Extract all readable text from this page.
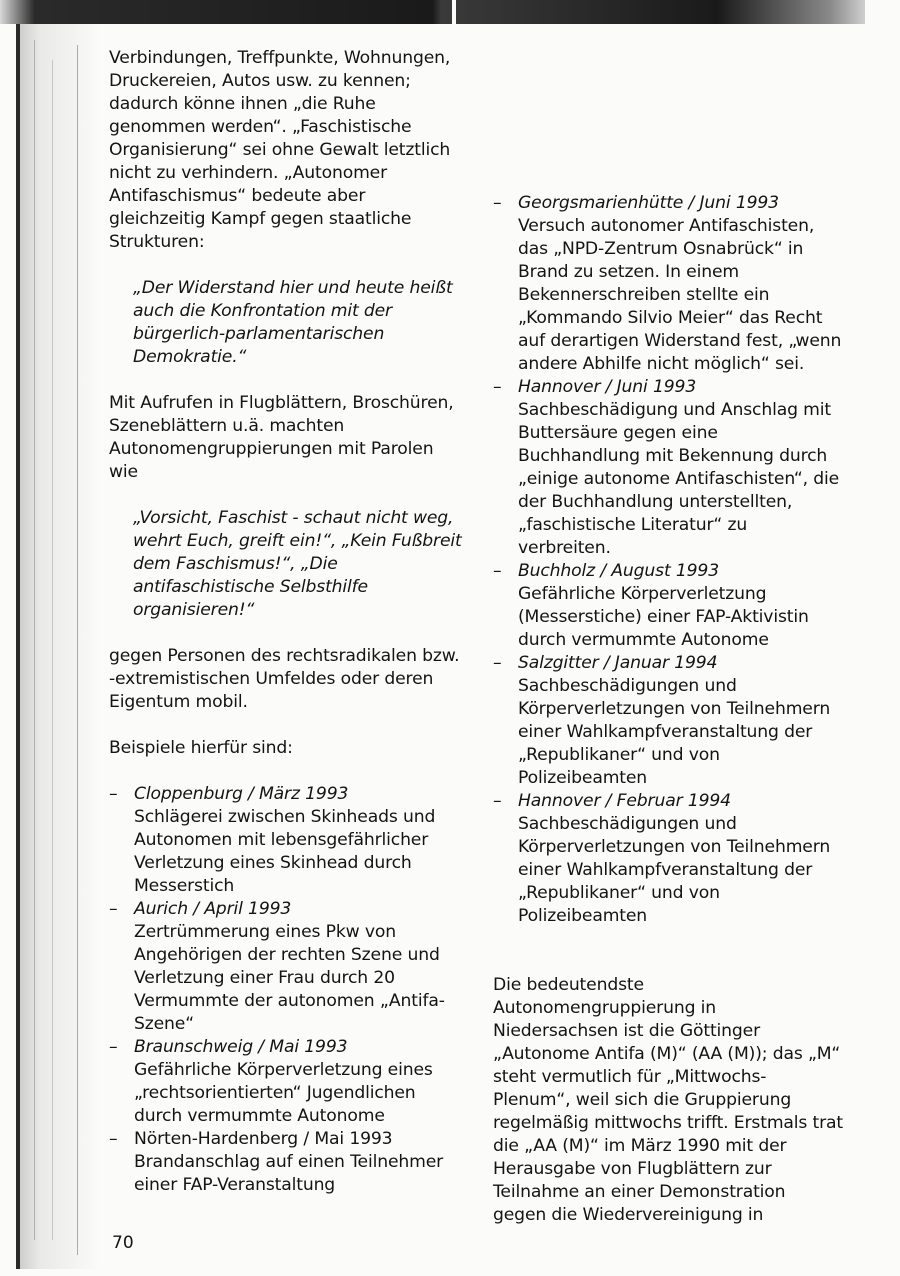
Verbindungen, Treffpunkte, Wohnungen, Druckereien, Autos usw. zu kennen; dadurch könne ihnen „die Ruhe genommen werden“. „Faschistische Organisierung“ sei ohne Gewalt letztlich nicht zu verhindern. „Autonomer Antifaschismus“ bedeute aber gleichzeitig Kampf gegen staatliche Strukturen:

„Der Widerstand hier und heute heißt auch die Konfrontation mit der bürgerlich-parlamentarischen Demokratie.“

Mit Aufrufen in Flugblättern, Broschüren, Szeneblättern u.ä. machten Autonomengruppierungen mit Parolen wie

„Vorsicht, Faschist - schaut nicht weg, wehrt Euch, greift ein!“, „Kein Fußbreit dem Faschismus!“, „Die antifaschistische Selbsthilfe organisieren!“

gegen Personen des rechtsradikalen bzw. -extremistischen Umfeldes oder deren Eigentum mobil.

Beispiele hierfür sind:

– Cloppenburg / März 1993
Schlägerei zwischen Skinheads und Autonomen mit lebensgefährlicher Verletzung eines Skinhead durch Messerstich
– Aurich / April 1993
Zertrümmerung eines Pkw von Angehörigen der rechten Szene und Verletzung einer Frau durch 20 Vermummte der autonomen „Antifa-Szene“
– Braunschweig / Mai 1993
Gefährliche Körperverletzung eines „rechtsorientierten“ Jugendlichen durch vermummte Autonome
– Nörten-Hardenberg / Mai 1993
Brandanschlag auf einen Teilnehmer einer FAP-Veranstaltung
– Georgsmarienhütte / Juni 1993
Versuch autonomer Antifaschisten, das „NPD-Zentrum Osnabrück“ in Brand zu setzen. In einem Bekennerschreiben stellte ein „Kommando Silvio Meier“ das Recht auf derartigen Widerstand fest, „wenn andere Abhilfe nicht möglich“ sei.
– Hannover / Juni 1993
Sachbeschädigung und Anschlag mit Buttersäure gegen eine Buchhandlung mit Bekennung durch „einige autonome Antifaschisten“, die der Buchhandlung unterstellten, „faschistische Literatur“ zu verbreiten.
– Buchholz / August 1993
Gefährliche Körperverletzung (Messerstiche) einer FAP-Aktivistin durch vermummte Autonome
– Salzgitter / Januar 1994
Sachbeschädigungen und Körperverletzungen von Teilnehmern einer Wahlkampfveranstaltung der „Republikaner“ und von Polizeibeamten
– Hannover / Februar 1994
Sachbeschädigungen und Körperverletzungen von Teilnehmern einer Wahlkampfveranstaltung der „Republikaner“ und von Polizeibeamten

Die bedeutendste Autonomengruppierung in Niedersachsen ist die Göttinger „Autonome Antifa (M)“ (AA (M)); das „M“ steht vermutlich für „Mittwochs-Plenum“, weil sich die Gruppierung regelmäßig mittwochs trifft. Erstmals trat die „AA (M)“ im März 1990 mit der Herausgabe von Flugblättern zur Teilnahme an einer Demonstration gegen die Wiedervereinigung in

70
